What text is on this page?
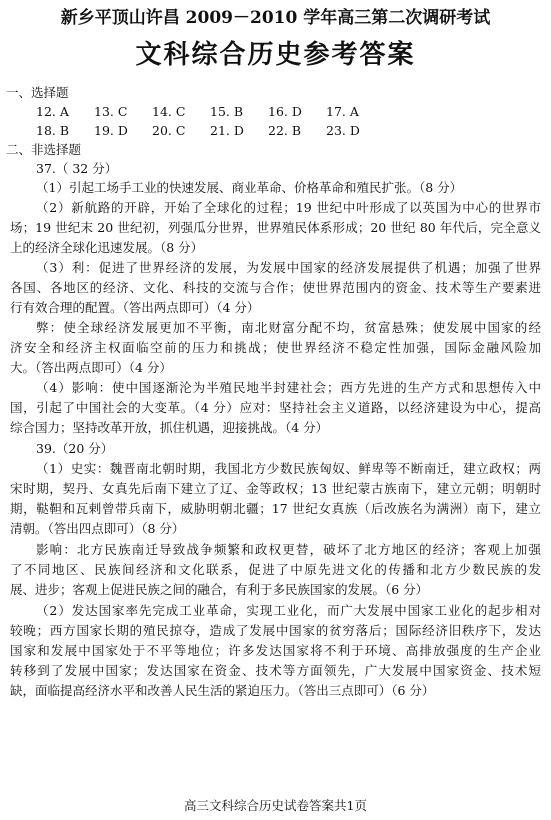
新乡平顶山许昌 2009－2010 学年高三第二次调研考试
文科综合历史参考答案
一、选择题
12. A 13. C 14. C 15. B 16. D 17. A
18. B 19. D 20. C 21. D 22. B 23. D
二、非选择题
37.（ 32 分）
（1）引起工场手工业的快速发展、商业革命、价格革命和殖民扩张。（8 分）
（2）新航路的开辟，开始了全球化的过程；19 世纪中叶形成了以英国为中心的世界市
场；19 世纪末 20 世纪初，列强瓜分世界，世界殖民体系形成；20 世纪 80 年代后，完全意义
上的经济全球化迅速发展。（8 分）
（3）利：促进了世界经济的发展，为发展中国家的经济发展提供了机遇；加强了世界
各国、各地区的经济、文化、科技的交流与合作；使世界范围内的资金、技术等生产要素进
行有效合理的配置。（答出两点即可）（4 分）
弊：使全球经济发展更加不平衡，南北财富分配不均，贫富悬殊；使发展中国家的经
济安全和经济主权面临空前的压力和挑战；使世界经济不稳定性加强，国际金融风险加
大。（答出两点即可）（4 分）
（4）影响：使中国逐渐沦为半殖民地半封建社会；西方先进的生产方式和思想传入中
国，引起了中国社会的大变革。（4 分）应对：坚持社会主义道路，以经济建设为中心，提高
综合国力；坚持改革开放，抓住机遇，迎接挑战。（4 分）
39.（20 分）
（1）史实：魏晋南北朝时期，我国北方少数民族匈奴、鲜卑等不断南迁，建立政权；两
宋时期，契丹、女真先后南下建立了辽、金等政权；13 世纪蒙古族南下，建立元朝；明朝时
期，鞑靼和瓦剌曾带兵南下，威胁明朝北疆；17 世纪女真族（后改族名为满洲）南下，建立
清朝。（答出四点即可）（8 分）
影响：北方民族南迁导致战争频繁和政权更替，破坏了北方地区的经济；客观上加强
了不同地区、民族间经济和文化联系，促进了中原先进文化的传播和北方少数民族的发
展、进步；客观上促进民族之间的融合，有利于多民族国家的发展。（6 分）
（2）发达国家率先完成工业革命，实现工业化，而广大发展中国家工业化的起步相对
较晚；西方国家长期的殖民掠夺，造成了发展中国家的贫穷落后；国际经济旧秩序下，发达
国家和发展中国家处于不平等地位；许多发达国家将不利于环境、高排放强度的生产企业
转移到了发展中国家；发达国家在资金、技术等方面领先，广大发展中国家资金、技术短
缺，面临提高经济水平和改善人民生活的紧迫压力。（答出三点即可）（6 分）
高三文科综合历史试卷答案共1页
